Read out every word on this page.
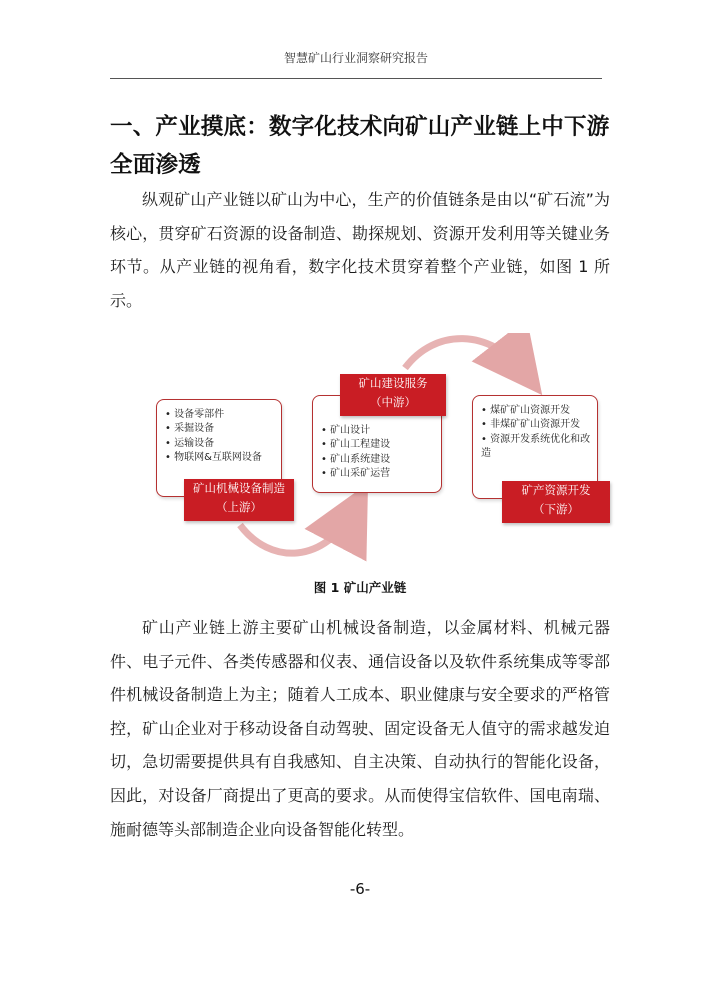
智慧矿山行业洞察研究报告
一、产业摸底：数字化技术向矿山产业链上中下游全面渗透

纵观矿山产业链以矿山为中心，生产的价值链条是由以“矿石流”为核心，贯穿矿石资源的设备制造、勘探规划、资源开发利用等关键业务环节。从产业链的视角看，数字化技术贯穿着整个产业链，如图 1 所示。

• 设备零部件
• 采掘设备
• 运输设备
• 物联网&互联网设备
矿山机械设备制造
（上游）
• 矿山设计
• 矿山工程建设
• 矿山系统建设
• 矿山采矿运营
矿山建设服务
（中游）
• 煤矿矿山资源开发
• 非煤矿矿山资源开发
• 资源开发系统优化和改造
矿产资源开发
（下游）
图 1 矿山产业链

矿山产业链上游主要矿山机械设备制造，以金属材料、机械元器件、电子元件、各类传感器和仪表、通信设备以及软件系统集成等零部件机械设备制造上为主；随着人工成本、职业健康与安全要求的严格管控，矿山企业对于移动设备自动驾驶、固定设备无人值守的需求越发迫切，急切需要提供具有自我感知、自主决策、自动执行的智能化设备，因此，对设备厂商提出了更高的要求。从而使得宝信软件、国电南瑞、施耐德等头部制造企业向设备智能化转型。

-6-
